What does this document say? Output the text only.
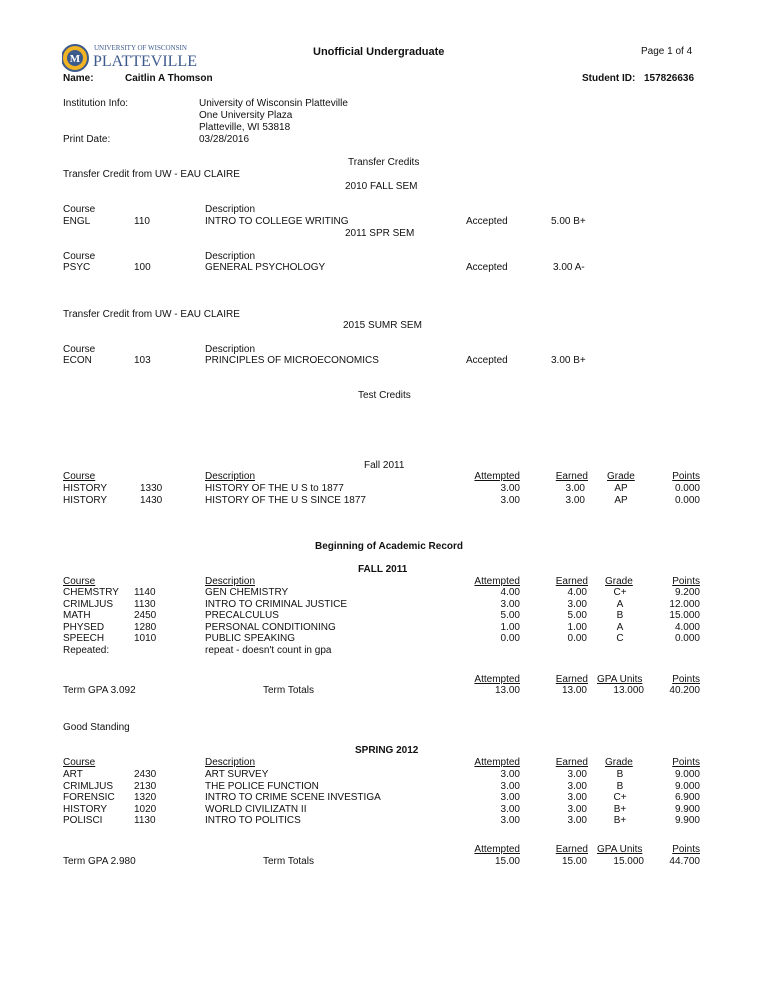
M
UNIVERSITY OF WISCONSIN
PLATTEVILLE
Unofficial Undergraduate	Page 1 of 4
Name:	Caitlin A Thomson	Student ID: 157826636
Institution Info:	University of Wisconsin Platteville
One University Plaza
Platteville, WI 53818
Print Date:	03/28/2016
Transfer Credits
Transfer Credit from UW - EAU CLAIRE
2010 FALL SEM
Course	Description
ENGL	110	INTRO TO COLLEGE WRITING	Accepted	5.00 B+
2011 SPR SEM
Course	Description
PSYC	100	GENERAL PSYCHOLOGY	Accepted	3.00 A-
Transfer Credit from UW - EAU CLAIRE
2015 SUMR SEM
Course	Description
ECON	103	PRINCIPLES OF MICROECONOMICS	Accepted	3.00 B+
Test Credits
Fall 2011
Course	Description	Attempted	Earned Grade	Points
HISTORY	1330	HISTORY OF THE U S to 1877	3.00	3.00	AP	0.000
HISTORY	1430	HISTORY OF THE U S SINCE 1877	3.00	3.00	AP	0.000
Beginning of Academic Record
FALL 2011
Course	Description	Attempted	Earned Grade	Points
CHEMSTRY 1140	GEN CHEMISTRY	4.00	4.00	C+	9.200
CRIMLJUS 1130	INTRO TO CRIMINAL JUSTICE	3.00	3.00	A	12.000
MATH	2450	PRECALCULUS	5.00	5.00	B	15.000
PHYSED	1280	PERSONAL CONDITIONING	1.00	1.00	A	4.000
SPEECH	1010	PUBLIC SPEAKING	0.00	0.00	C	0.000
Repeated:	repeat - doesn't count in gpa
Attempted	Earned GPA Units	Points
Term GPA 3.092	Term Totals	13.00	13.00	13.000	40.200
Good Standing
SPRING 2012
Course	Description	Attempted	Earned Grade	Points
ART	2430	ART SURVEY	3.00	3.00	B	9.000
CRIMLJUS 2130	THE POLICE FUNCTION	3.00	3.00	B	9.000
FORENSIC 1320	INTRO TO CRIME SCENE INVESTIGA	3.00	3.00	C+	6.900
HISTORY	1020	WORLD CIVILIZATN II	3.00	3.00	B+	9.900
POLISCI	1130	INTRO TO POLITICS	3.00	3.00	B+	9.900
Attempted	Earned GPA Units	Points
Term GPA 2.980	Term Totals	15.00	15.00	15.000	44.700
